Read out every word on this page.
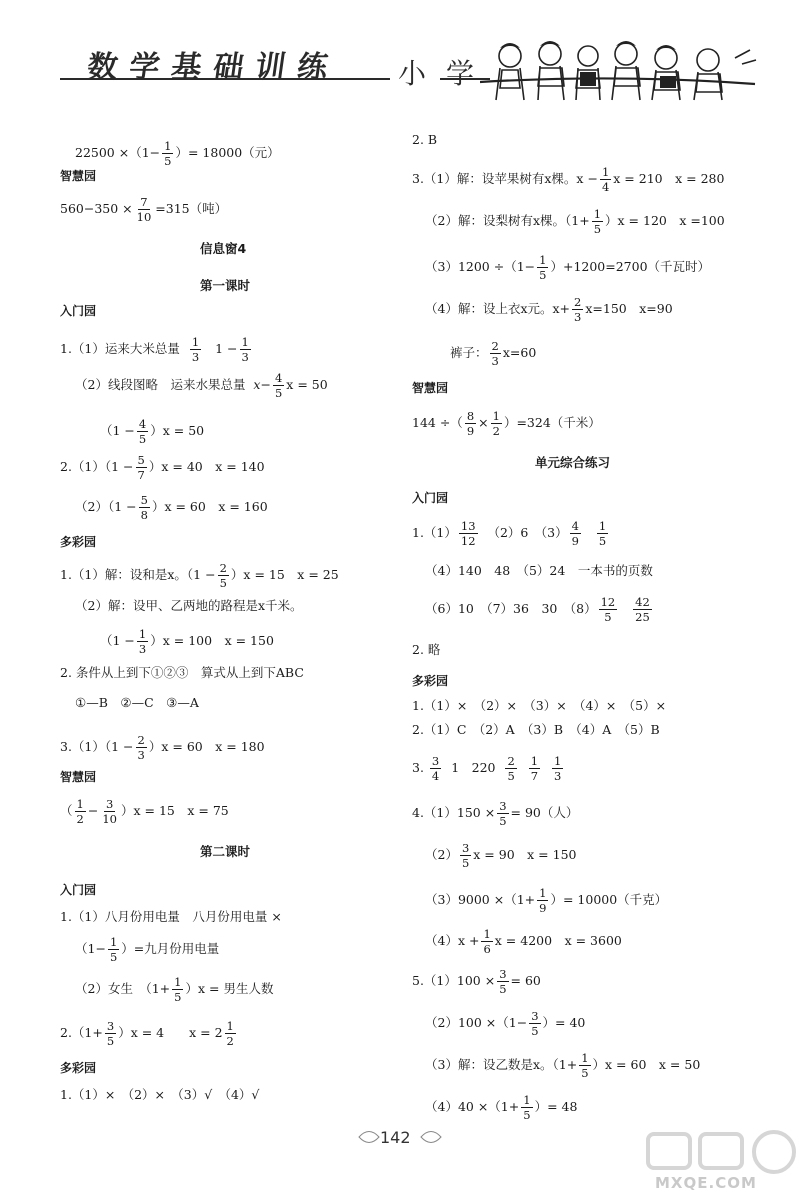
数学基础训练 小学
$22500 \times(1- \frac{1}{5}$ ）= 18000（元）
智慧园
$560-350 \times \frac{7}{10} =315$（吨）
信息窗4
第一课时
入门园
1.（1）运来大米总量
$\frac{1}{3}$
$1 - \frac{1}{3}$
（2）线段图略　运来水果总量
$x - \frac{4}{5}$ x = 50
$(1 - \frac{4}{5} )x = 50$
$2.(1)(1 - \frac{5}{7} )x = 40$　x = 140
$(2)(1 - \frac{5}{8} )x = 60$　x = 160
多彩园
1.（1）解：设和是x。$(1 - \frac{2}{5} )x = 15$　x = 25
（2）解：设甲、乙两地的路程是x千米。
$(1 - \frac{1}{3} )x = 100$　x = 150
2. 条件从上到下①②③　算式从上到下ABC
①—B　②—C　③—A
$3.(1)(1 - \frac{2}{3} )x = 60$　x = 180
智慧园
（ $\frac{1}{2} - \frac{3}{10} )x = 15$　x = 75
第二课时
入门园
1.（1）八月份用电量　八月份用电量 ×
（$1- \frac{1}{5}$ ）=九月份用电量
（2）女生　$(1+ \frac{1}{5} )x$ = 男生人数
$2.(1+ \frac{3}{5} )x = 4$　　$x = 2 \frac{1}{2}$
多彩园
1.（1）×　（2）×　（3）√　（4）√
2. B
3.（1）解：设苹果树有x棵。$x - \frac{1}{4}$ x = 210　x = 280
（2）解：设梨树有x棵。$(1+ \frac{1}{5} )x = 120$　x =100
$(3)1200 \div(1- \frac{1}{5} )+1200=2700$（千瓦时）
（4）解：设上衣x元。$x+ \frac{2}{3} x=150$　x=90
裤子： $\frac{2}{3} x=60$
智慧园
144 ÷（ $\frac{8}{9} \times \frac{1}{2} )=324$（千米）
单元综合练习
入门园
$1.(1) \frac{13}{12}$
（2）6　$(3) \frac{4}{9}$
$\frac{1}{5}$
（4）140　48　（5）24　一本书的页数
（6）10　（7）36　30　$(8) \frac{12}{5}$
$\frac{42}{25}$
2. 略
多彩园
1.（1）×　（2）×　（3）×　（4）×　（5）×
2.（1）C　（2）A　（3）B　（4）A　（5）B
3.
$\frac{3}{4}$
1　220
$\frac{2}{5}$
$\frac{1}{7}$
$\frac{1}{3}$
$4.(1)150 \times \frac{3}{5} = 90$（人）
$(2) \frac{3}{5}$ x = 90　x = 150
$(3)9000 \times(1+ \frac{1}{9}$ ）= 10000（千克）
$(4)x + \frac{1}{6}$ x = 4200　x = 3600
$5.(1)100 \times \frac{3}{5} = 60$
$(2)100 \times(1- \frac{3}{5}$ ）= 40
（3）解：设乙数是x。$(1+ \frac{1}{5} )x = 60$　x = 50
$(4)40 \times(1+ \frac{1}{5}$ ）= 48
142
MXQE.COM
